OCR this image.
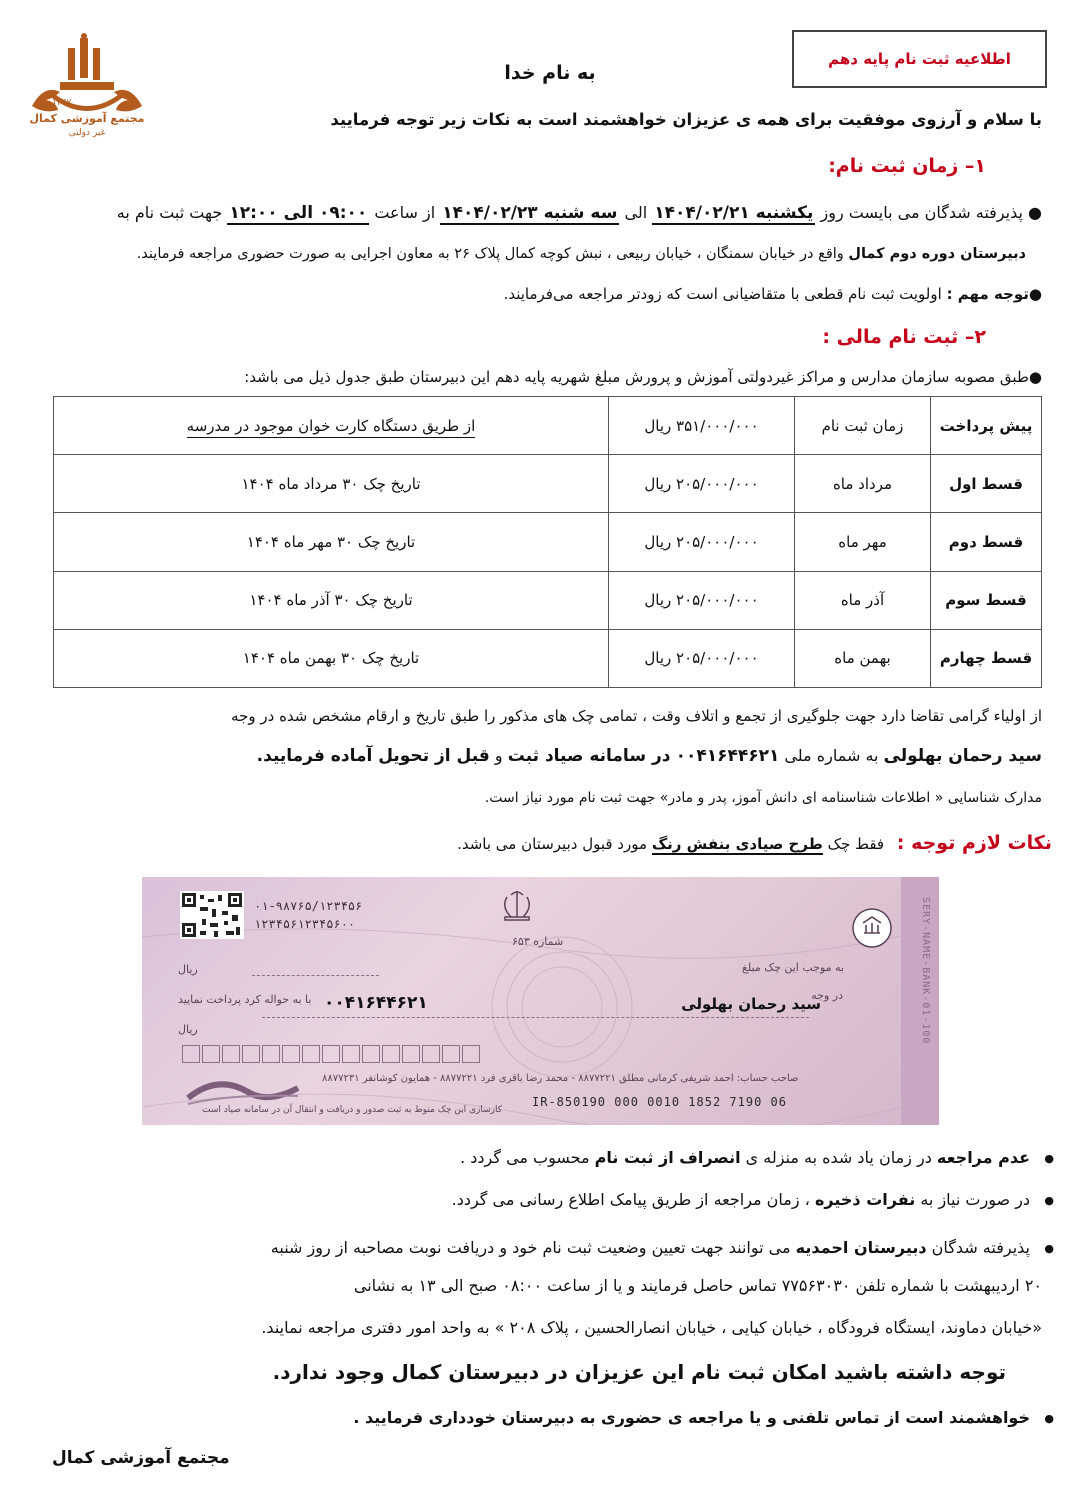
۱۳۴۷
مجتمع آموزشی کمال
غیر دولتی
اطلاعیه ثبت نام پایه دهم
به نام خدا
با سلام و آرزوی موفقیت برای همه ی عزیزان خواهشمند است به نکات زیر توجه فرمایید
۱– زمان ثبت نام:
● پذیرفته شدگان می بایست روز یکشنبه ۱۴۰۴/۰۲/۲۱ الی سه شنبه ۱۴۰۴/۰۲/۲۳ از ساعت ۰۹:۰۰ الی ۱۲:۰۰ جهت ثبت نام به
دبیرستان دوره دوم کمال واقع در خیابان سمنگان ، خیابان ربیعی ، نبش کوچه کمال پلاک ۲۶ به معاون اجرایی به صورت حضوری مراجعه فرمایند.
●توجه مهم : اولویت ثبت نام قطعی با متقاضیانی است که زودتر مراجعه می‌فرمایند.
۲– ثبت نام مالی :
●طبق مصوبه سازمان مدارس و مراکز غیردولتی آموزش و پرورش مبلغ شهریه پایه دهم این دبیرستان طبق جدول ذیل می باشد:
پیش پرداخت	زمان ثبت نام	۳۵۱/۰۰۰/۰۰۰ ریال	از طریق دستگاه کارت خوان موجود در مدرسه
قسط اول	مرداد ماه	۲۰۵/۰۰۰/۰۰۰ ریال	تاریخ چک ۳۰ مرداد ماه ۱۴۰۴
قسط دوم	مهر ماه	۲۰۵/۰۰۰/۰۰۰ ریال	تاریخ چک ۳۰ مهر ماه ۱۴۰۴
قسط سوم	آذر ماه	۲۰۵/۰۰۰/۰۰۰ ریال	تاریخ چک ۳۰ آذر ماه ۱۴۰۴
قسط چهارم	بهمن ماه	۲۰۵/۰۰۰/۰۰۰ ریال	تاریخ چک ۳۰ بهمن ماه ۱۴۰۴
از اولیاء گرامی تقاضا دارد جهت جلوگیری از تجمع و اتلاف وقت ، تمامی چک های مذکور را طبق تاریخ و ارقام مشخص شده در وجه
سید رحمان بهلولی به شماره ملی ۰۰۴۱۶۴۴۶۲۱ در سامانه صیاد ثبت و قبل از تحویل آماده فرمایید.
مدارک شناسایی « اطلاعات شناسنامه ای دانش آموز، پدر و مادر» جهت ثبت نام مورد نیاز است.
نکات لازم توجه : فقط چک طرح صیادی بنفش رنگ مورد قبول دبیرستان می باشد.
01-100-SERY-NAME-BANK
۰۱-۹۸۷۶۵/۱۲۳۴۵۶
۱۲۳۴۵۶۱۲۳۴۵۶۰۰
شماره ۶۵۳
ریال	به موجب این چک مبلغ
در وجه
ریال
با به حواله کرد پرداخت نمایید	سید رحمان بهلولی
۰۰۴۱۶۴۴۶۲۱
صاحب حساب: احمد شریفی کرمانی مطلق ۸۸۷۷۲۲۱ - محمد رضا باقری فرد ۸۸۷۷۲۲۱ - همایون کوشانفر ۸۸۷۷۲۳۱
کارسازی این چک منوط به ثبت صدور و دریافت و انتقال آن در سامانه صیاد است
IR-850190 000 0010 1852 7190 06
● عدم مراجعه در زمان یاد شده به منزله ی انصراف از ثبت نام محسوب می گردد .
● در صورت نیاز به نفرات ذخیره ، زمان مراجعه از طریق پیامک اطلاع رسانی می گردد.
● پذیرفته شدگان دبیرستان احمدیه می توانند جهت تعیین وضعیت ثبت نام خود و دریافت نوبت مصاحبه از روز شنبه
۲۰ اردیبهشت با شماره تلفن ۷۷۵۶۳۰۳۰ تماس حاصل فرمایند و یا از ساعت ۰۸:۰۰ صبح الی ۱۳ به نشانی
«خیابان دماوند، ایستگاه فرودگاه ، خیابان کیایی ، خیابان انصارالحسین ، پلاک ۲۰۸ » به واحد امور دفتری مراجعه نمایند.
توجه داشته باشید امکان ثبت نام این عزیزان در دبیرستان کمال وجود ندارد.
● خواهشمند است از تماس تلفنی و یا مراجعه ی حضوری به دبیرستان خودداری فرمایید .
مجتمع آموزشی کمال
